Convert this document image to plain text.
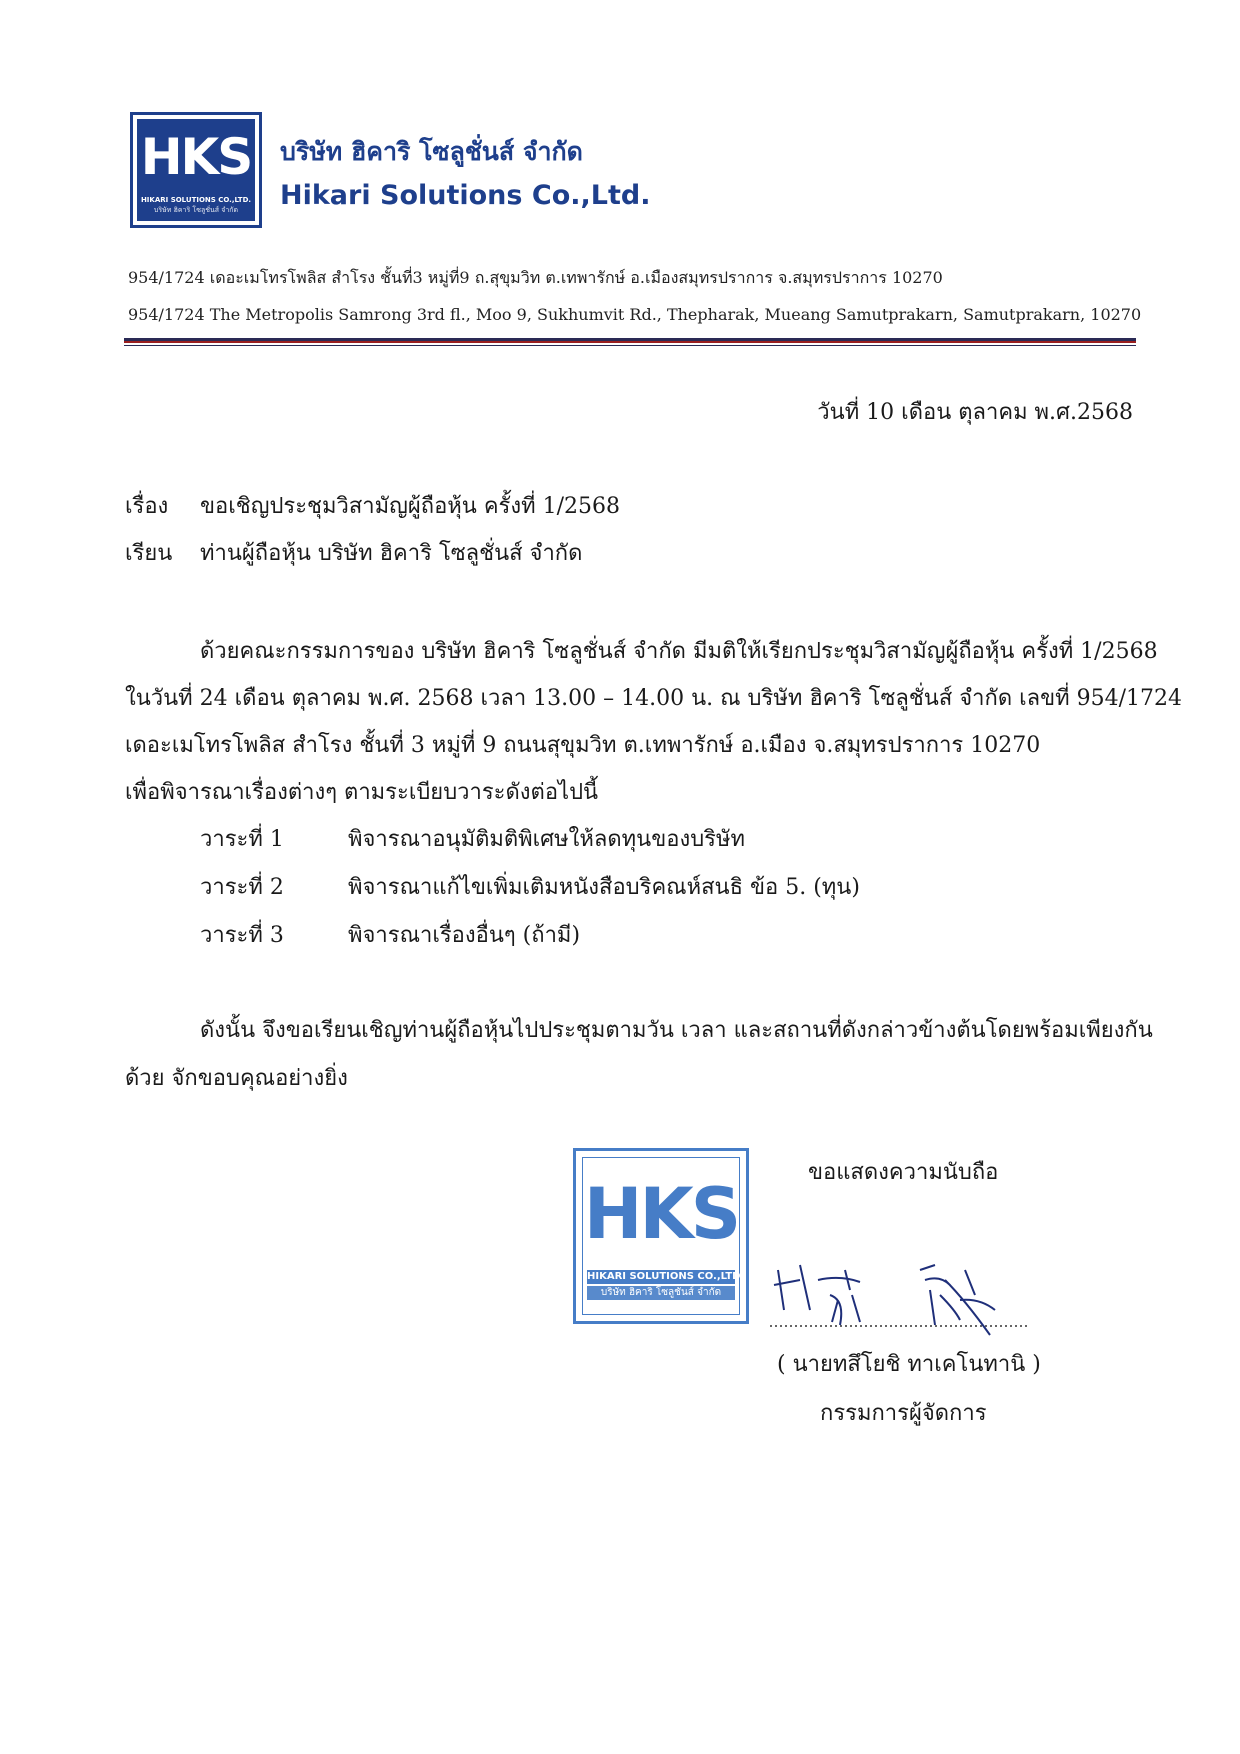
HKS
HIKARI SOLUTIONS CO.,LTD.
บริษัท ฮิคาริ โซลูชั่นส์ จำกัด
บริษัท ฮิคาริ โซลูชั่นส์ จำกัด
Hikari Solutions Co.,Ltd.
954/1724 เดอะเมโทรโพลิส สำโรง ชั้นที่3 หมู่ที่9 ถ.สุขุมวิท ต.เทพารักษ์ อ.เมืองสมุทรปราการ จ.สมุทรปราการ 10270
954/1724 The Metropolis Samrong 3rd fl., Moo 9, Sukhumvit Rd., Thepharak, Mueang Samutprakarn, Samutprakarn, 10270
วันที่ 10 เดือน ตุลาคม พ.ศ.2568
เรื่อง ขอเชิญประชุมวิสามัญผู้ถือหุ้น ครั้งที่ 1/2568
เรียน ท่านผู้ถือหุ้น บริษัท ฮิคาริ โซลูชั่นส์ จำกัด
ด้วยคณะกรรมการของ บริษัท ฮิคาริ โซลูชั่นส์ จำกัด มีมติให้เรียกประชุมวิสามัญผู้ถือหุ้น ครั้งที่ 1/2568
ในวันที่ 24 เดือน ตุลาคม พ.ศ. 2568 เวลา 13.00 – 14.00 น. ณ บริษัท ฮิคาริ โซลูชั่นส์ จำกัด เลขที่ 954/1724
เดอะเมโทรโพลิส สำโรง ชั้นที่ 3 หมู่ที่ 9 ถนนสุขุมวิท ต.เทพารักษ์ อ.เมือง จ.สมุทรปราการ 10270
เพื่อพิจารณาเรื่องต่างๆ ตามระเบียบวาระดังต่อไปนี้
วาระที่ 1	พิจารณาอนุมัติมติพิเศษให้ลดทุนของบริษัท
วาระที่ 2	พิจารณาแก้ไขเพิ่มเติมหนังสือบริคณห์สนธิ ข้อ 5. (ทุน)
วาระที่ 3	พิจารณาเรื่องอื่นๆ (ถ้ามี)
ดังนั้น จึงขอเรียนเชิญท่านผู้ถือหุ้นไปประชุมตามวัน เวลา และสถานที่ดังกล่าวข้างต้นโดยพร้อมเพียงกัน
ด้วย จักขอบคุณอย่างยิ่ง
HKS
HIKARI SOLUTIONS CO.,LTD.
บริษัท ฮิคาริ โซลูชั่นส์ จำกัด
ขอแสดงความนับถือ
( นายทสึโยชิ ทาเคโนทานิ )
กรรมการผู้จัดการ
